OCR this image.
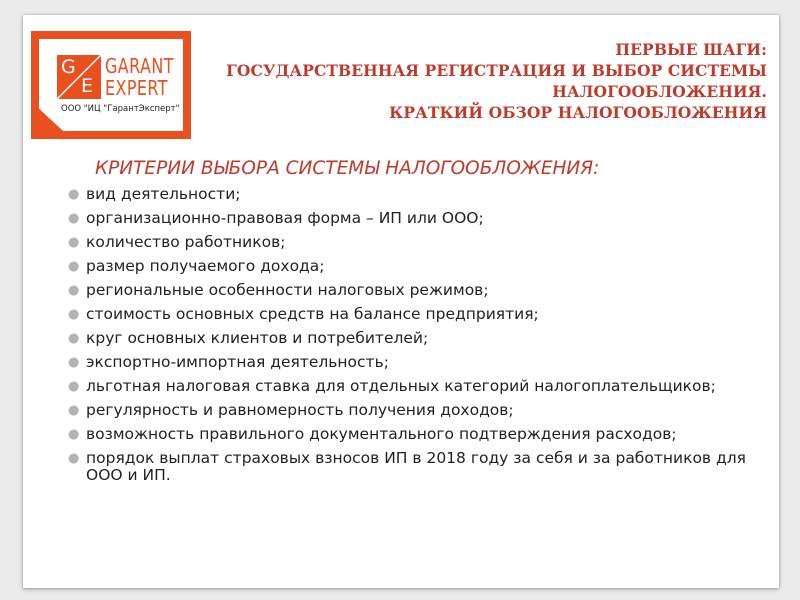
G
E
GARANT
EXPERT
ООО "ИЦ "ГарантЭксперт"
ПЕРВЫЕ ШАГИ:
ГОСУДАРСТВЕННАЯ РЕГИСТРАЦИЯ И ВЫБОР СИСТЕМЫ
НАЛОГООБЛОЖЕНИЯ.
КРАТКИЙ ОБЗОР НАЛОГООБЛОЖЕНИЯ
КРИТЕРИИ ВЫБОРА СИСТЕМЫ НАЛОГООБЛОЖЕНИЯ:
● вид деятельности;
● организационно-правовая форма – ИП или ООО;
● количество работников;
● размер получаемого дохода;
● региональные особенности налоговых режимов;
● стоимость основных средств на балансе предприятия;
● круг основных клиентов и потребителей;
● экспортно-импортная деятельность;
● льготная налоговая ставка для отдельных категорий налогоплательщиков;
● регулярность и равномерность получения доходов;
● возможность правильного документального подтверждения расходов;
● порядок выплат страховых взносов ИП в 2018 году за себя и за работников для ООО и ИП.
